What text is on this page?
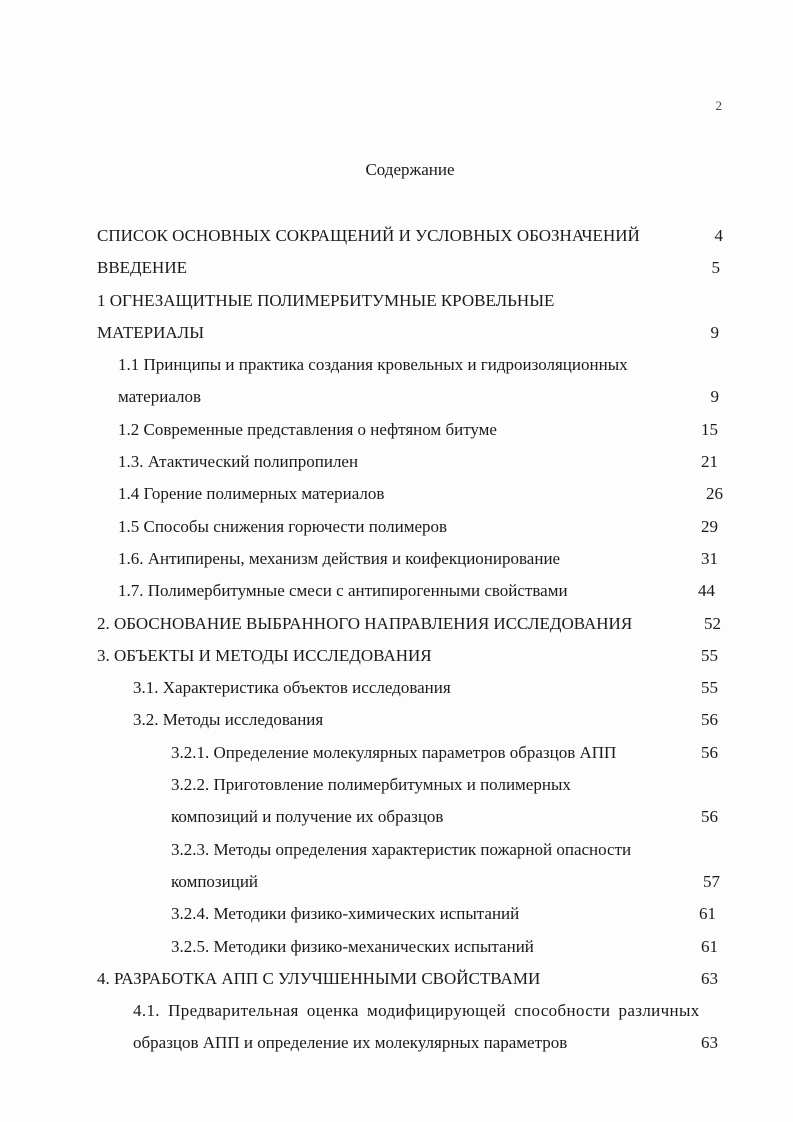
2
Содержание
СПИСОК ОСНОВНЫХ СОКРАЩЕНИЙ И УСЛОВНЫХ ОБОЗНАЧЕНИЙ	4
ВВЕДЕНИЕ	5
1 ОГНЕЗАЩИТНЫЕ ПОЛИМЕРБИТУМНЫЕ КРОВЕЛЬНЫЕ
МАТЕРИАЛЫ	9
1.1 Принципы и практика создания кровельных и гидроизоляционных
материалов	9
1.2 Современные представления о нефтяном битуме	15
1.3. Атактический полипропилен	21
1.4 Горение полимерных материалов	26
1.5 Способы снижения горючести полимеров	29
1.6. Антипирены, механизм действия и коифекционирование	31
1.7. Полимербитумные смеси с антипирогенными свойствами	44
2. ОБОСНОВАНИЕ ВЫБРАННОГО НАПРАВЛЕНИЯ ИССЛЕДОВАНИЯ	52
3. ОБЪЕКТЫ И МЕТОДЫ ИССЛЕДОВАНИЯ	55
3.1. Характеристика объектов исследования	55
3.2. Методы исследования	56
3.2.1. Определение молекулярных параметров образцов АПП	56
3.2.2. Приготовление полимербитумных и полимерных
композиций и получение их образцов	56
3.2.3. Методы определения характеристик пожарной опасности
композиций	57
3.2.4. Методики физико-химических испытаний	61
3.2.5. Методики физико-механических испытаний	61
4. РАЗРАБОТКА АПП С УЛУЧШЕННЫМИ СВОЙСТВАМИ	63
4.1. Предварительная оценка модифицирующей способности различных
образцов АПП и определение их молекулярных параметров	63
